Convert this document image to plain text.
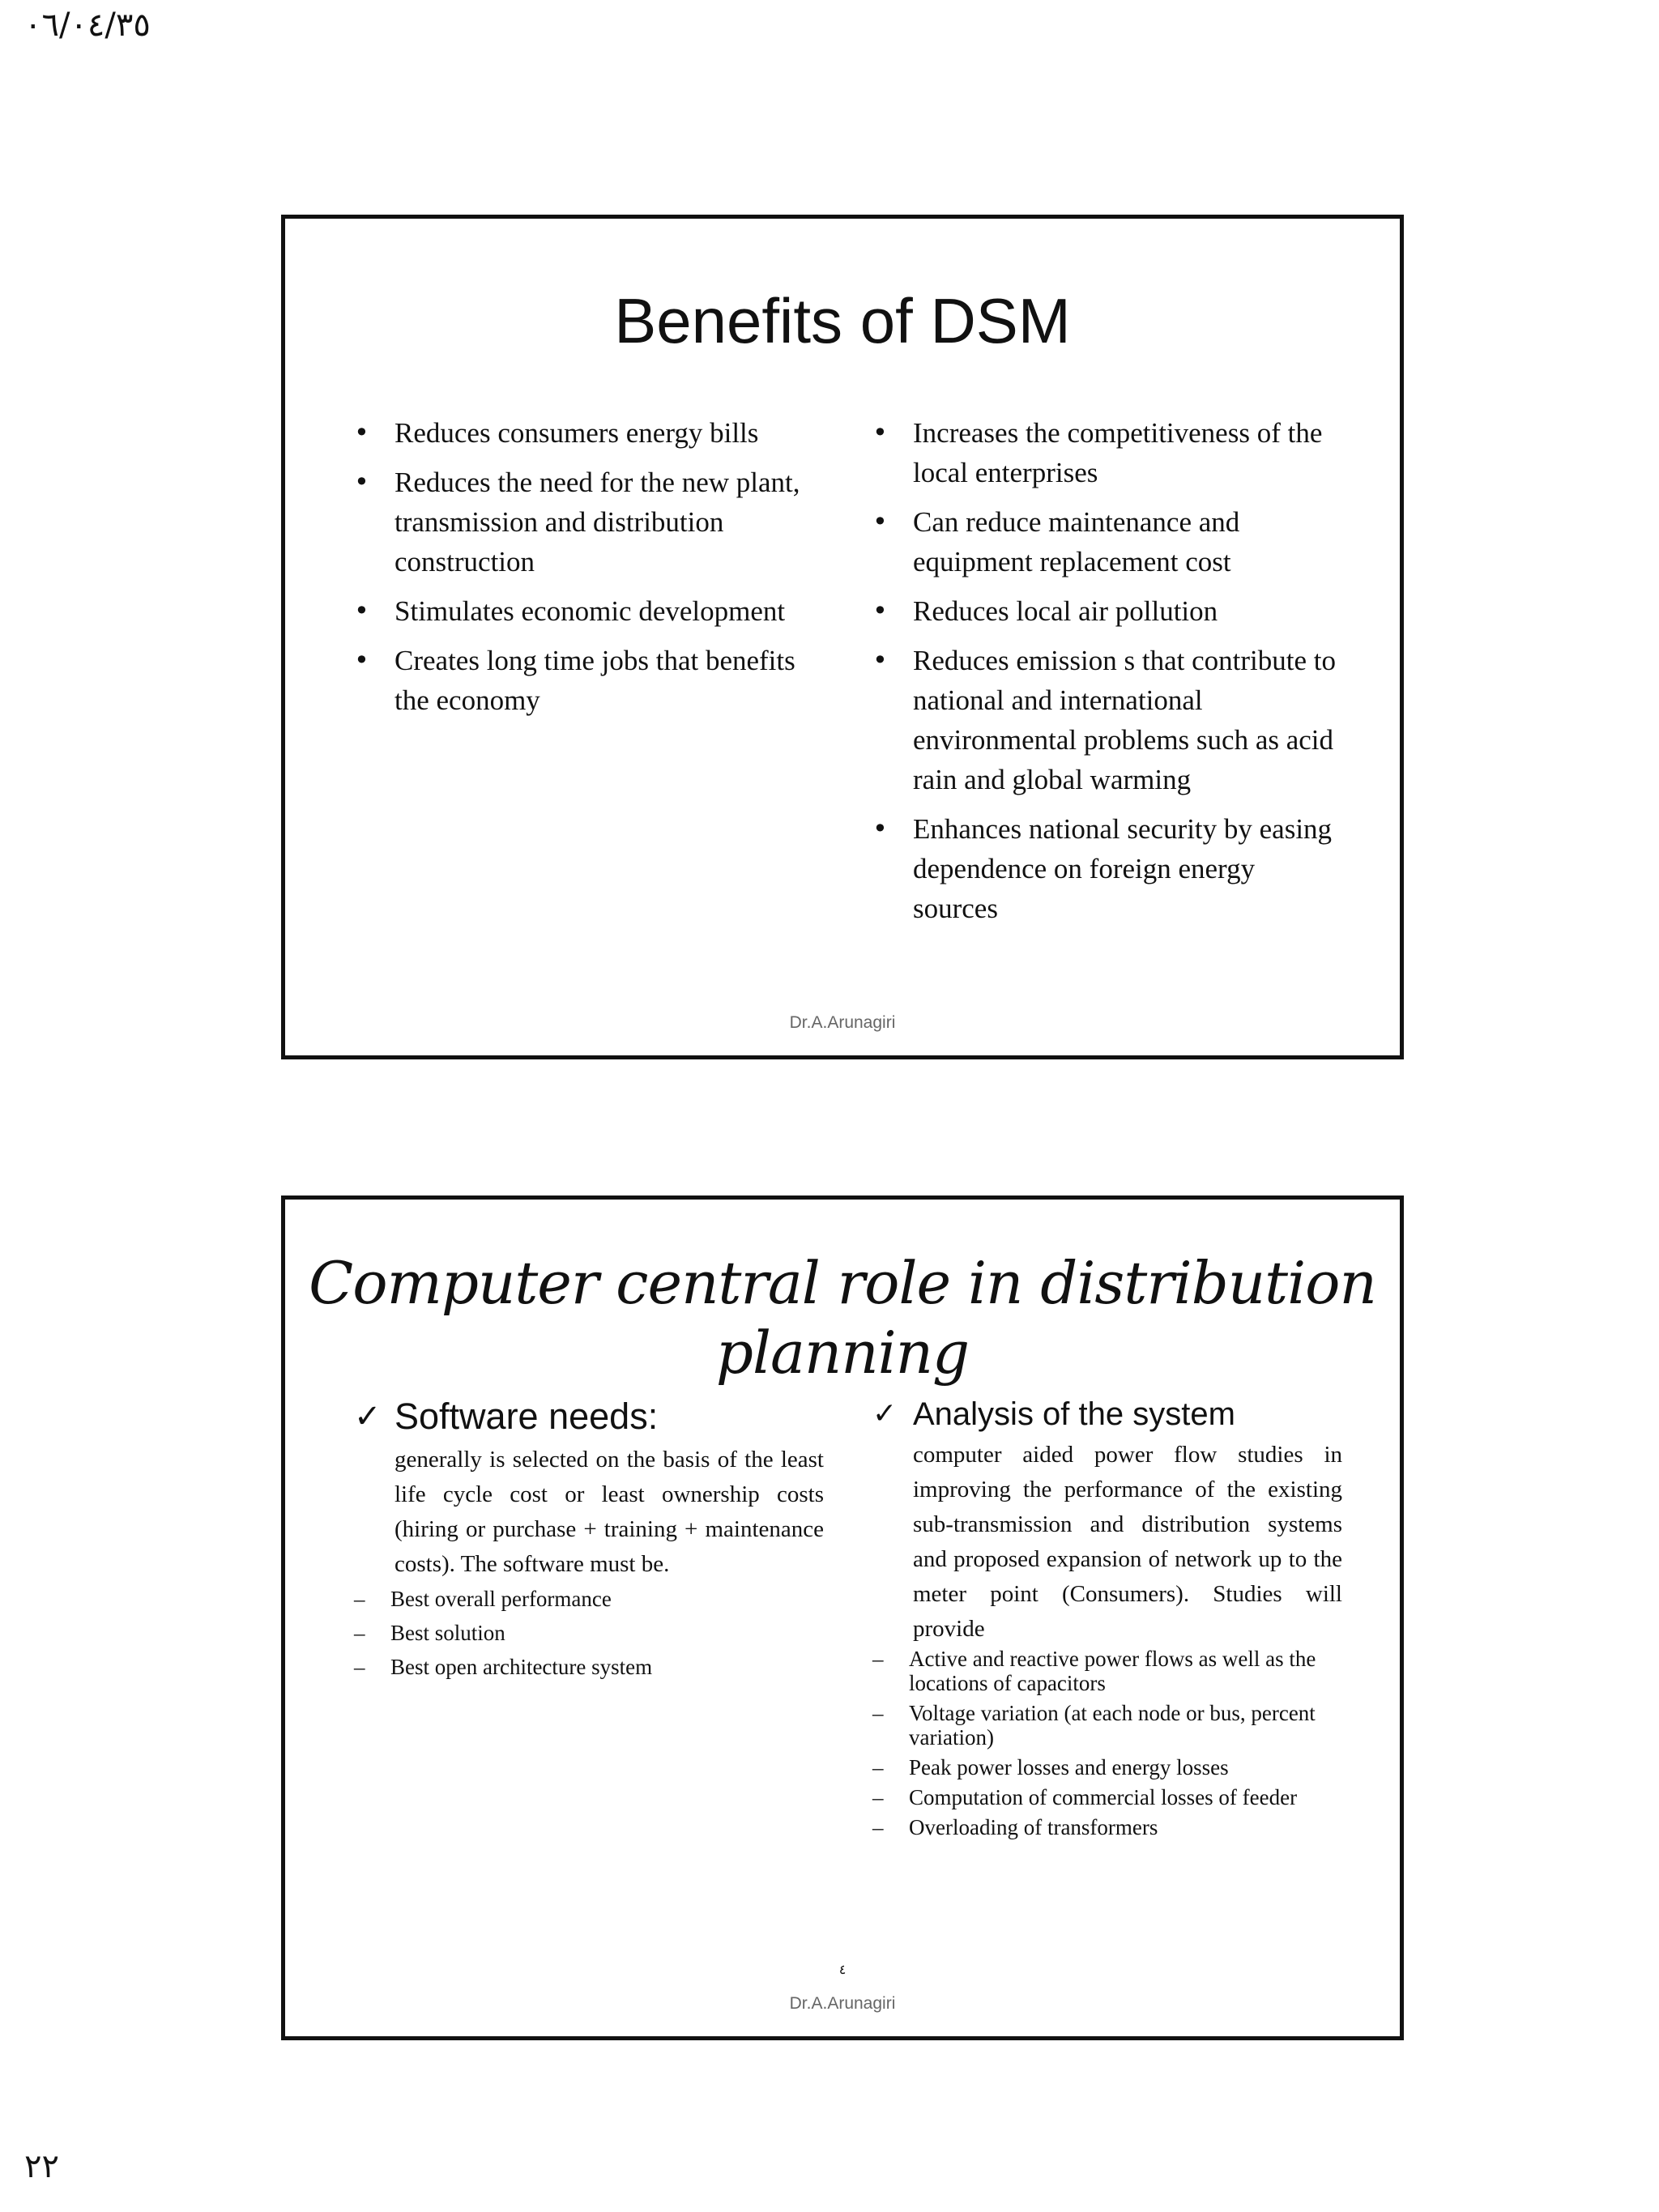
٠٦/٠٤/٣٥
Benefits of DSM
• Reduces consumers energy bills
• Reduces the need for the new plant, transmission and distribution construction
• Stimulates economic development
• Creates long time jobs that benefits the economy
• Increases the competitiveness of the local enterprises
• Can reduce maintenance and equipment replacement cost
• Reduces local air pollution
• Reduces emission s that contribute to national and international environmental problems such as acid rain and global warming
• Enhances national security by easing dependence on foreign energy sources
Dr.A.Arunagiri
Computer central role in distribution planning
✓ Software needs:
generally is selected on the basis of the least life cycle cost or least ownership costs (hiring or purchase + training + maintenance costs). The software must be.
– Best overall performance
– Best solution
– Best open architecture system
✓ Analysis of the system
computer aided power flow studies in improving the performance of the existing sub-transmission and distribution systems and proposed expansion of network up to the meter point (Consumers). Studies will provide
– Active and reactive power flows as well as the locations of capacitors
– Voltage variation (at each node or bus, percent variation)
– Peak power losses and energy losses
– Computation of commercial losses of feeder
– Overloading of transformers
٤
Dr.A.Arunagiri
٢٢
